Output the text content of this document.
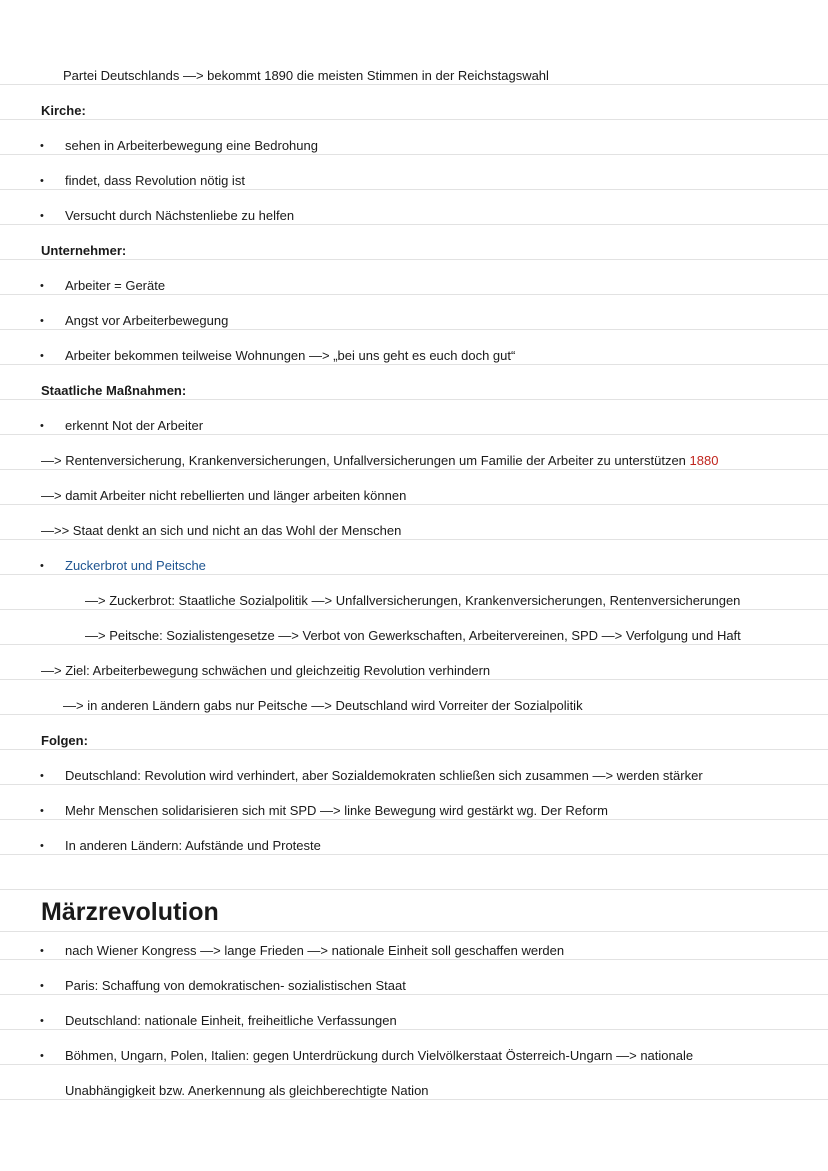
Partei Deutschlands —> bekommt 1890 die meisten Stimmen in der Reichstagswahl
Kirche:
• sehen in Arbeiterbewegung eine Bedrohung
• findet, dass Revolution nötig ist
• Versucht durch Nächstenliebe zu helfen
Unternehmer:
• Arbeiter = Geräte
• Angst vor Arbeiterbewegung
• Arbeiter bekommen teilweise Wohnungen —> „bei uns geht es euch doch gut“
Staatliche Maßnahmen:
• erkennt Not der Arbeiter
—> Rentenversicherung, Krankenversicherungen, Unfallversicherungen um Familie der Arbeiter zu unterstützen 1880
—> damit Arbeiter nicht rebellierten und länger arbeiten können
—>> Staat denkt an sich und nicht an das Wohl der Menschen
• Zuckerbrot und Peitsche
—> Zuckerbrot: Staatliche Sozialpolitik —> Unfallversicherungen, Krankenversicherungen, Rentenversicherungen
—> Peitsche: Sozialistengesetze —> Verbot von Gewerkschaften, Arbeitervereinen, SPD —> Verfolgung und Haft
—> Ziel: Arbeiterbewegung schwächen und gleichzeitig Revolution verhindern
—> in anderen Ländern gabs nur Peitsche —> Deutschland wird Vorreiter der Sozialpolitik
Folgen:
• Deutschland: Revolution wird verhindert, aber Sozialdemokraten schließen sich zusammen —> werden stärker
• Mehr Menschen solidarisieren sich mit SPD —> linke Bewegung wird gestärkt wg. Der Reform
• In anderen Ländern: Aufstände und Proteste
Märzrevolution
• nach Wiener Kongress —> lange Frieden —> nationale Einheit soll geschaffen werden
• Paris: Schaffung von demokratischen- sozialistischen Staat
• Deutschland: nationale Einheit, freiheitliche Verfassungen
• Böhmen, Ungarn, Polen, Italien: gegen Unterdrückung durch Vielvölkerstaat Österreich-Ungarn —> nationale
Unabhängigkeit bzw. Anerkennung als gleichberechtigte Nation
